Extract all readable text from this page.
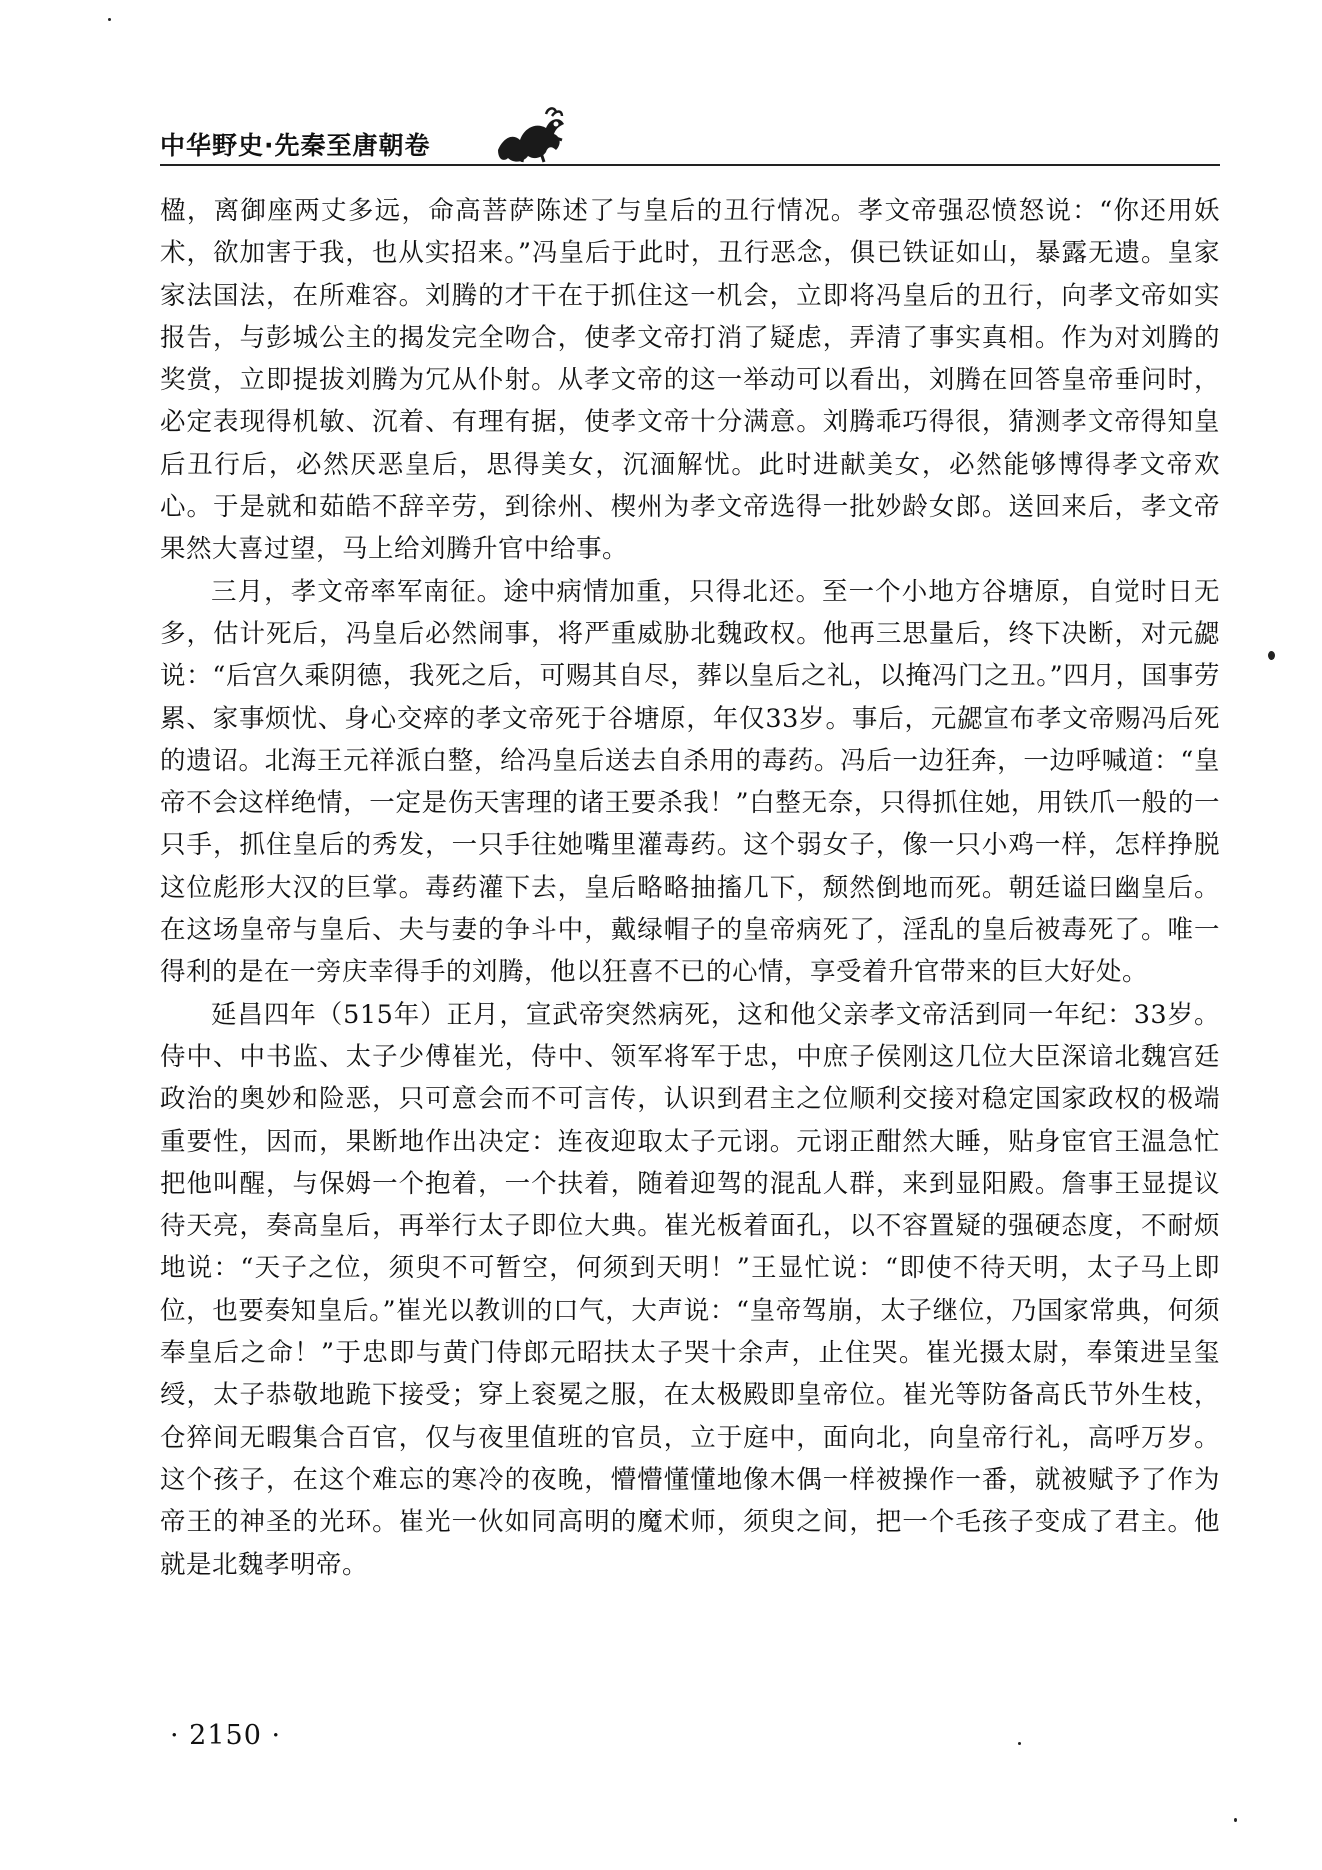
中华野史·先秦至唐朝卷

楹，离御座两丈多远，命高菩萨陈述了与皇后的丑行情况。孝文帝强忍愤怒说：“你还用妖术，欲加害于我，也从实招来。”冯皇后于此时，丑行恶念，俱已铁证如山，暴露无遗。皇家家法国法，在所难容。刘腾的才干在于抓住这一机会，立即将冯皇后的丑行，向孝文帝如实报告，与彭城公主的揭发完全吻合，使孝文帝打消了疑虑，弄清了事实真相。作为对刘腾的奖赏，立即提拔刘腾为冗从仆射。从孝文帝的这一举动可以看出，刘腾在回答皇帝垂问时，必定表现得机敏、沉着、有理有据，使孝文帝十分满意。刘腾乖巧得很，猜测孝文帝得知皇后丑行后，必然厌恶皇后，思得美女，沉湎解忧。此时进献美女，必然能够博得孝文帝欢心。于是就和茹皓不辞辛劳，到徐州、楔州为孝文帝选得一批妙龄女郎。送回来后，孝文帝果然大喜过望，马上给刘腾升官中给事。

三月，孝文帝率军南征。途中病情加重，只得北还。至一个小地方谷塘原，自觉时日无多，估计死后，冯皇后必然闹事，将严重威胁北魏政权。他再三思量后，终下决断，对元勰说：“后宫久乘阴德，我死之后，可赐其自尽，葬以皇后之礼，以掩冯门之丑。”四月，国事劳累、家事烦忧、身心交瘁的孝文帝死于谷塘原，年仅33岁。事后，元勰宣布孝文帝赐冯后死的遗诏。北海王元祥派白整，给冯皇后送去自杀用的毒药。冯后一边狂奔，一边呼喊道：“皇帝不会这样绝情，一定是伤天害理的诸王要杀我！”白整无奈，只得抓住她，用铁爪一般的一只手，抓住皇后的秀发，一只手往她嘴里灌毒药。这个弱女子，像一只小鸡一样，怎样挣脱这位彪形大汉的巨掌。毒药灌下去，皇后略略抽搐几下，颓然倒地而死。朝廷谥曰幽皇后。在这场皇帝与皇后、夫与妻的争斗中，戴绿帽子的皇帝病死了，淫乱的皇后被毒死了。唯一得利的是在一旁庆幸得手的刘腾，他以狂喜不已的心情，享受着升官带来的巨大好处。

延昌四年（515年）正月，宣武帝突然病死，这和他父亲孝文帝活到同一年纪：33岁。侍中、中书监、太子少傅崔光，侍中、领军将军于忠，中庶子侯刚这几位大臣深谙北魏宫廷政治的奥妙和险恶，只可意会而不可言传，认识到君主之位顺利交接对稳定国家政权的极端重要性，因而，果断地作出决定：连夜迎取太子元诩。元诩正酣然大睡，贴身宦官王温急忙把他叫醒，与保姆一个抱着，一个扶着，随着迎驾的混乱人群，来到显阳殿。詹事王显提议待天亮，奏高皇后，再举行太子即位大典。崔光板着面孔，以不容置疑的强硬态度，不耐烦地说：“天子之位，须臾不可暂空，何须到天明！”王显忙说：“即使不待天明，太子马上即位，也要奏知皇后。”崔光以教训的口气，大声说：“皇帝驾崩，太子继位，乃国家常典，何须奉皇后之命！”于忠即与黄门侍郎元昭扶太子哭十余声，止住哭。崔光摄太尉，奉策进呈玺绶，太子恭敬地跪下接受；穿上衮冕之服，在太极殿即皇帝位。崔光等防备高氏节外生枝，仓猝间无暇集合百官，仅与夜里值班的官员，立于庭中，面向北，向皇帝行礼，高呼万岁。这个孩子，在这个难忘的寒冷的夜晚，懵懵懂懂地像木偶一样被操作一番，就被赋予了作为帝王的神圣的光环。崔光一伙如同高明的魔术师，须臾之间，把一个毛孩子变成了君主。他就是北魏孝明帝。

· 2150 ·
